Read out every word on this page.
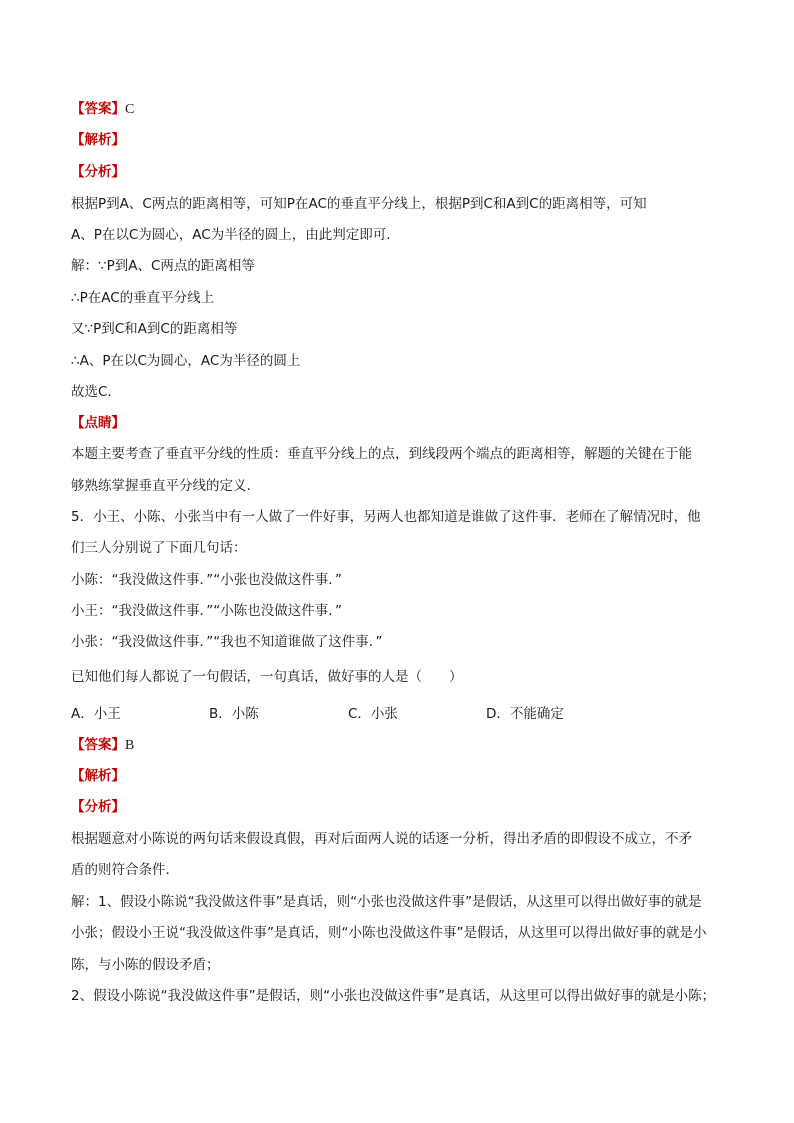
【答案】C
【解析】
【分析】
根据P到A、C两点的距离相等，可知P在AC的垂直平分线上，根据P到C和A到C的距离相等，可知
A、P在以C为圆心，AC为半径的圆上，由此判定即可.
解：∵P到A、C两点的距离相等
∴P在AC的垂直平分线上
又∵P到C和A到C的距离相等
∴A、P在以C为圆心，AC为半径的圆上
故选C.
【点睛】
本题主要考查了垂直平分线的性质：垂直平分线上的点，到线段两个端点的距离相等，解题的关键在于能
够熟练掌握垂直平分线的定义.
5．小王、小陈、小张当中有一人做了一件好事，另两人也都知道是谁做了这件事．老师在了解情况时，他
们三人分别说了下面几句话：
小陈：“我没做这件事．”“小张也没做这件事．”
小王：“我没做这件事．”“小陈也没做这件事．”
小张：“我没做这件事．”“我也不知道谁做了这件事．”
已知他们每人都说了一句假话，一句真话，做好事的人是（　　）
A．小王	B．小陈	C．小张	D．不能确定
【答案】B
【解析】
【分析】
根据题意对小陈说的两句话来假设真假，再对后面两人说的话逐一分析，得出矛盾的即假设不成立，不矛
盾的则符合条件．
解：1、假设小陈说“我没做这件事”是真话，则“小张也没做这件事”是假话，从这里可以得出做好事的就是
小张；假设小王说“我没做这件事”是真话，则“小陈也没做这件事”是假话，从这里可以得出做好事的就是小
陈，与小陈的假设矛盾；
2、假设小陈说“我没做这件事”是假话，则“小张也没做这件事”是真话，从这里可以得出做好事的就是小陈；
